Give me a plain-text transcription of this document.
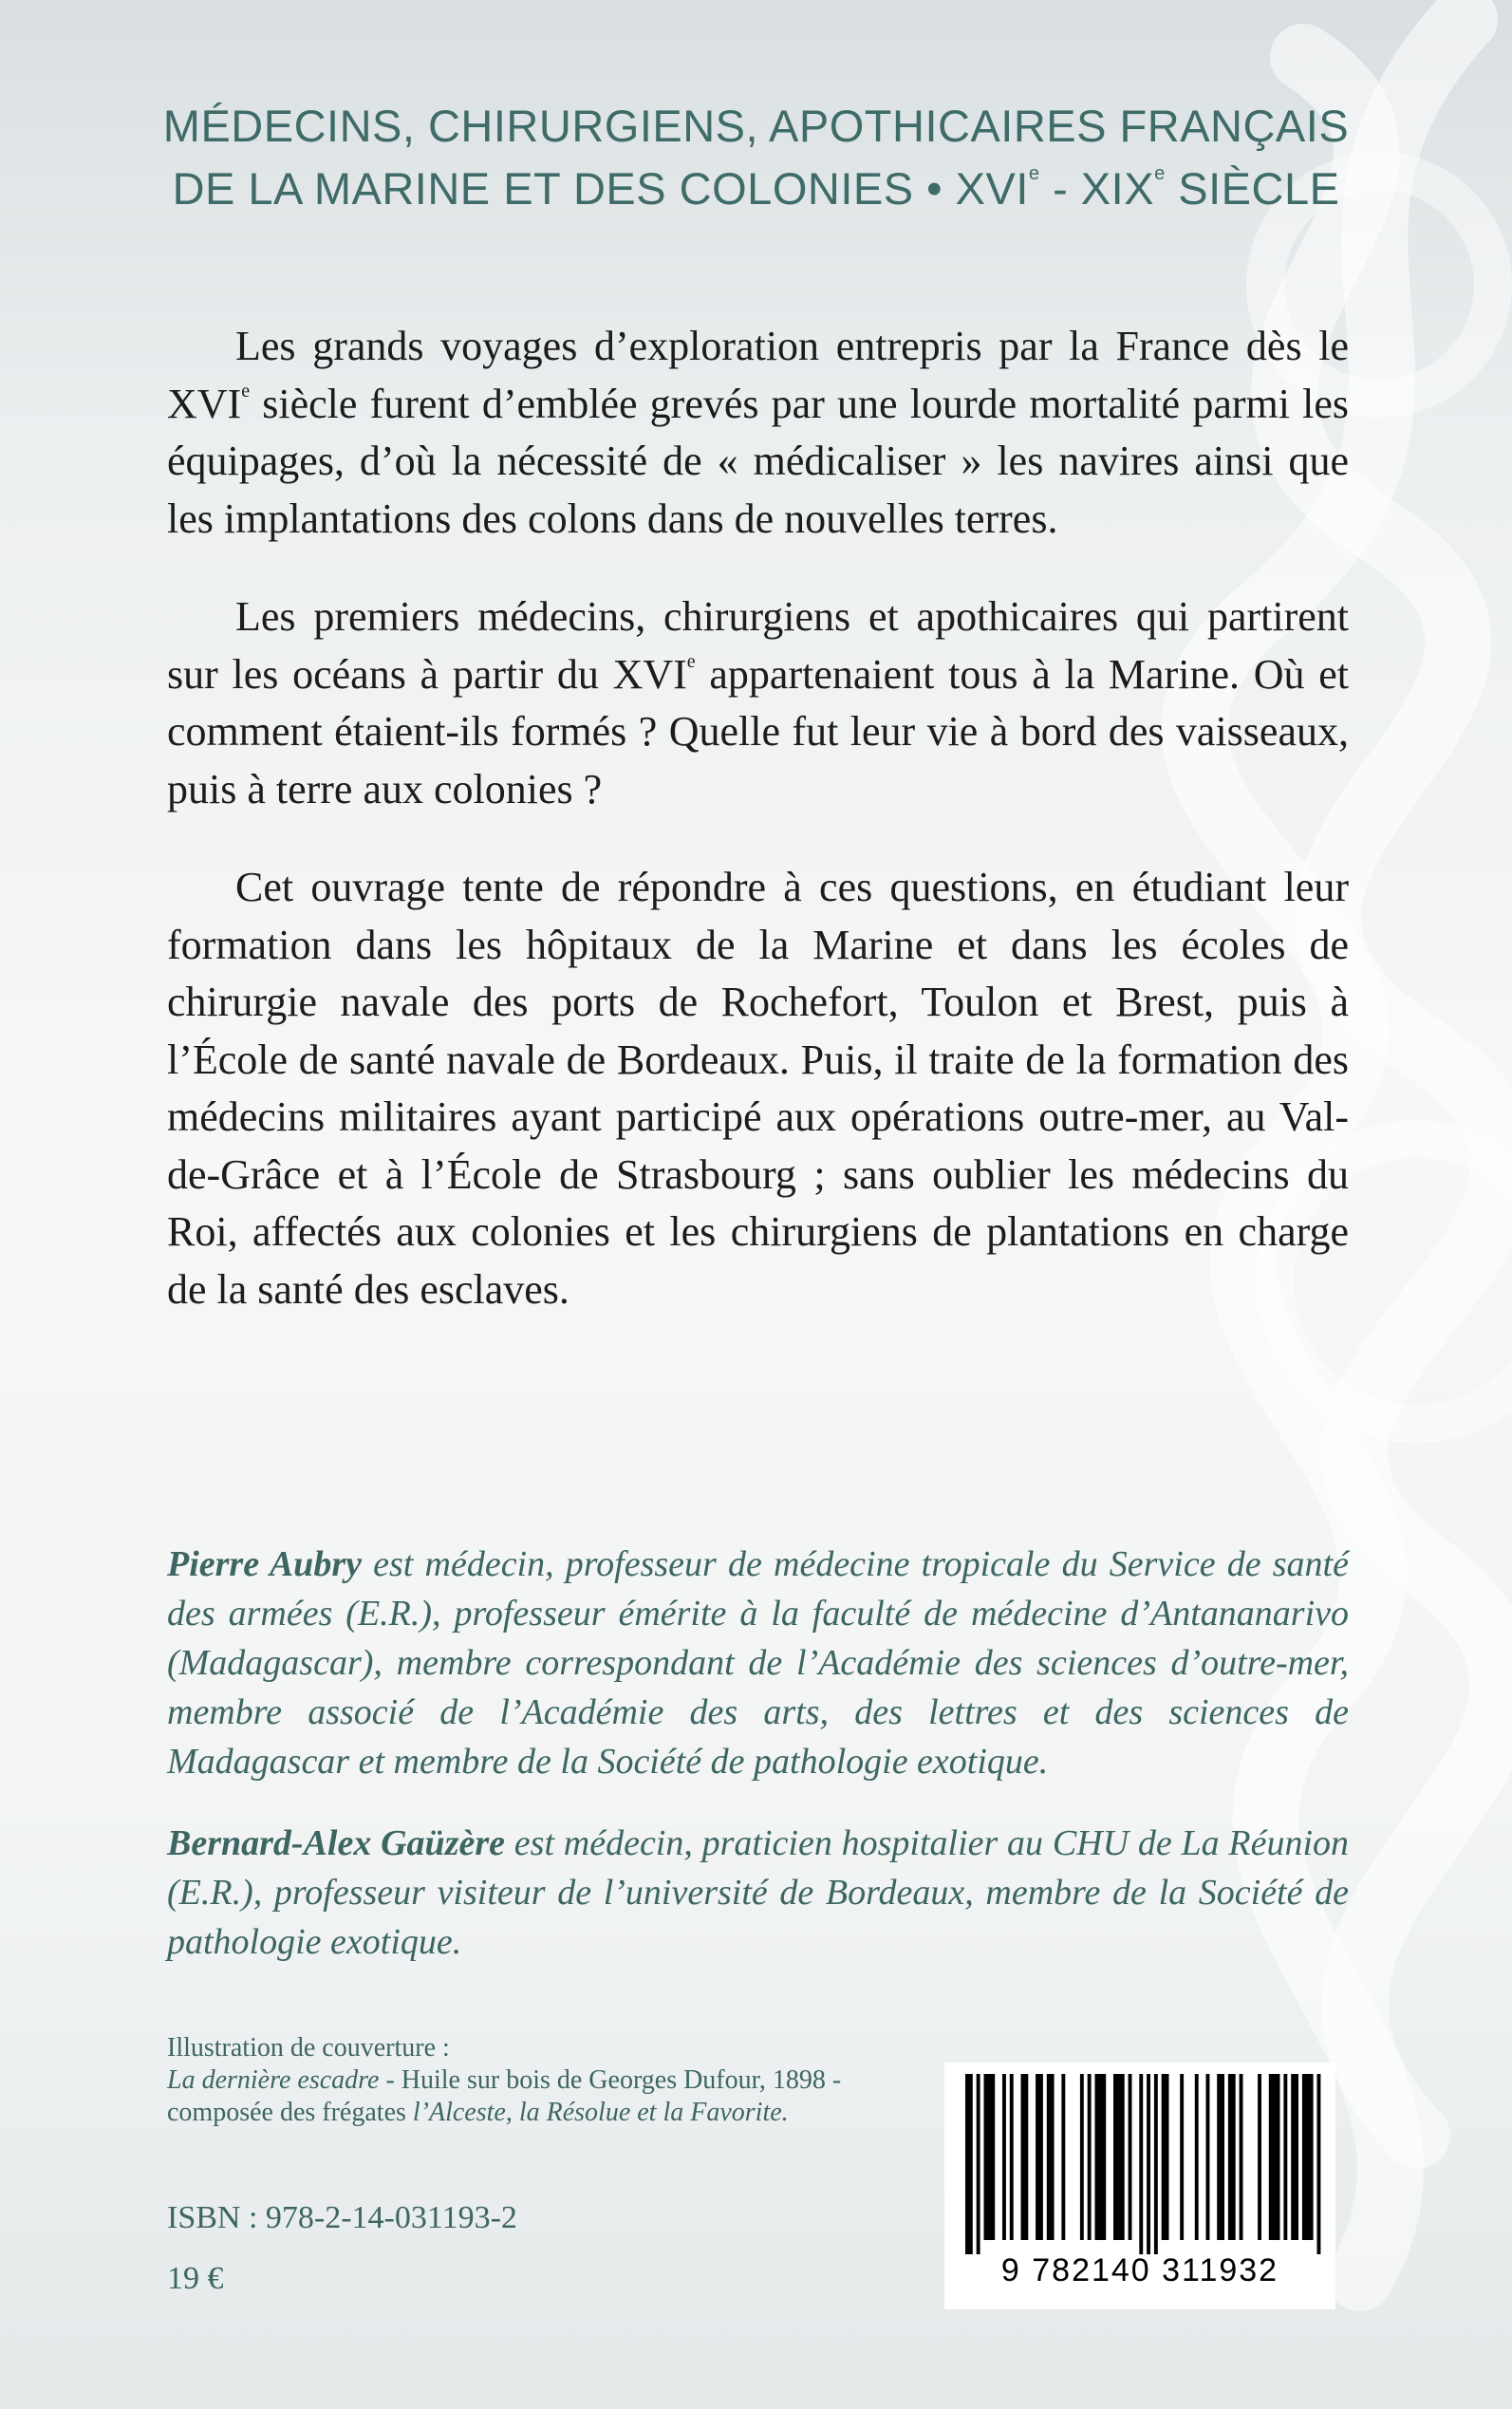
MÉDECINS, CHIRURGIENS, APOTHICAIRES FRANÇAIS
DE LA MARINE ET DES COLONIES • XVIe - XIXe SIÈCLE

Les grands voyages d’exploration entrepris par la France dès le XVIe siècle furent d’emblée grevés par une lourde mortalité parmi les équipages, d’où la nécessité de « médicaliser » les navires ainsi que les implantations des colons dans de nouvelles terres.

Les premiers médecins, chirurgiens et apothicaires qui partirent sur les océans à partir du XVIe appartenaient tous à la Marine. Où et comment étaient-ils formés ? Quelle fut leur vie à bord des vaisseaux, puis à terre aux colonies ?

Cet ouvrage tente de répondre à ces questions, en étudiant leur formation dans les hôpitaux de la Marine et dans les écoles de chirurgie navale des ports de Rochefort, Toulon et Brest, puis à l’École de santé navale de Bordeaux. Puis, il traite de la formation des médecins militaires ayant participé aux opérations outre-mer, au Val-de-Grâce et à l’École de Strasbourg ; sans oublier les médecins du Roi, affectés aux colonies et les chirurgiens de plantations en charge de la santé des esclaves.

Pierre Aubry est médecin, professeur de médecine tropicale du Service de santé des armées (E.R.), professeur émérite à la faculté de médecine d’Antananarivo (Madagascar), membre correspondant de l’Académie des sciences d’outre-mer, membre associé de l’Académie des arts, des lettres et des sciences de Madagascar et membre de la Société de pathologie exotique.
Bernard-Alex Gaüzère est médecin, praticien hospitalier au CHU de La Réunion (E.R.), professeur visiteur de l’université de Bordeaux, membre de la Société de pathologie exotique.
Illustration de couverture :
La dernière escadre - Huile sur bois de Georges Dufour, 1898 -
composée des frégates l’Alceste, la Résolue et la Favorite.
ISBN : 978-2-14-031193-2
19 €	9 782140 311932
